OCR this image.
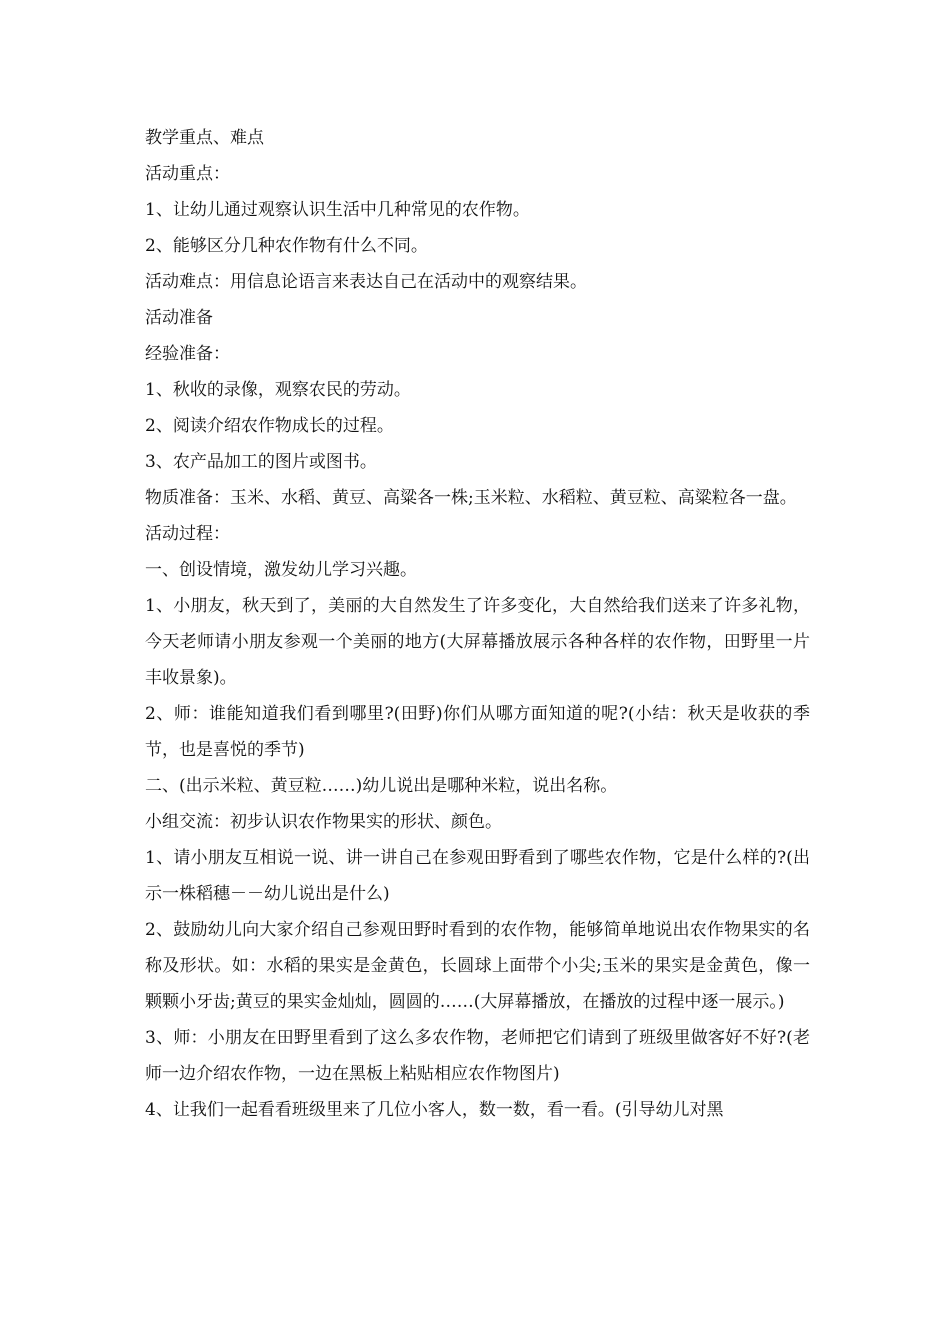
教学重点、难点

活动重点：

1、让幼儿通过观察认识生活中几种常见的农作物。

2、能够区分几种农作物有什么不同。

活动难点：用信息论语言来表达自己在活动中的观察结果。

活动准备

经验准备：

1、秋收的录像，观察农民的劳动。

2、阅读介绍农作物成长的过程。

3、农产品加工的图片或图书。

物质准备：玉米、水稻、黄豆、高粱各一株;玉米粒、水稻粒、黄豆粒、高粱粒各一盘。

活动过程：

一、创设情境，激发幼儿学习兴趣。

1、小朋友，秋天到了，美丽的大自然发生了许多变化，大自然给我们送来了许多礼物，今天老师请小朋友参观一个美丽的地方(大屏幕播放展示各种各样的农作物，田野里一片丰收景象)。

2、师：谁能知道我们看到哪里?(田野)你们从哪方面知道的呢?(小结：秋天是收获的季节，也是喜悦的季节)

二、(出示米粒、黄豆粒……)幼儿说出是哪种米粒，说出名称。

小组交流：初步认识农作物果实的形状、颜色。

1、请小朋友互相说一说、讲一讲自己在参观田野看到了哪些农作物，它是什么样的?(出示一株稻穗－－幼儿说出是什么)

2、鼓励幼儿向大家介绍自己参观田野时看到的农作物，能够简单地说出农作物果实的名称及形状。如：水稻的果实是金黄色，长圆球上面带个小尖;玉米的果实是金黄色，像一颗颗小牙齿;黄豆的果实金灿灿，圆圆的……(大屏幕播放，在播放的过程中逐一展示。)

3、师：小朋友在田野里看到了这么多农作物，老师把它们请到了班级里做客好不好?(老师一边介绍农作物，一边在黑板上粘贴相应农作物图片)

4、让我们一起看看班级里来了几位小客人，数一数，看一看。(引导幼儿对黑
